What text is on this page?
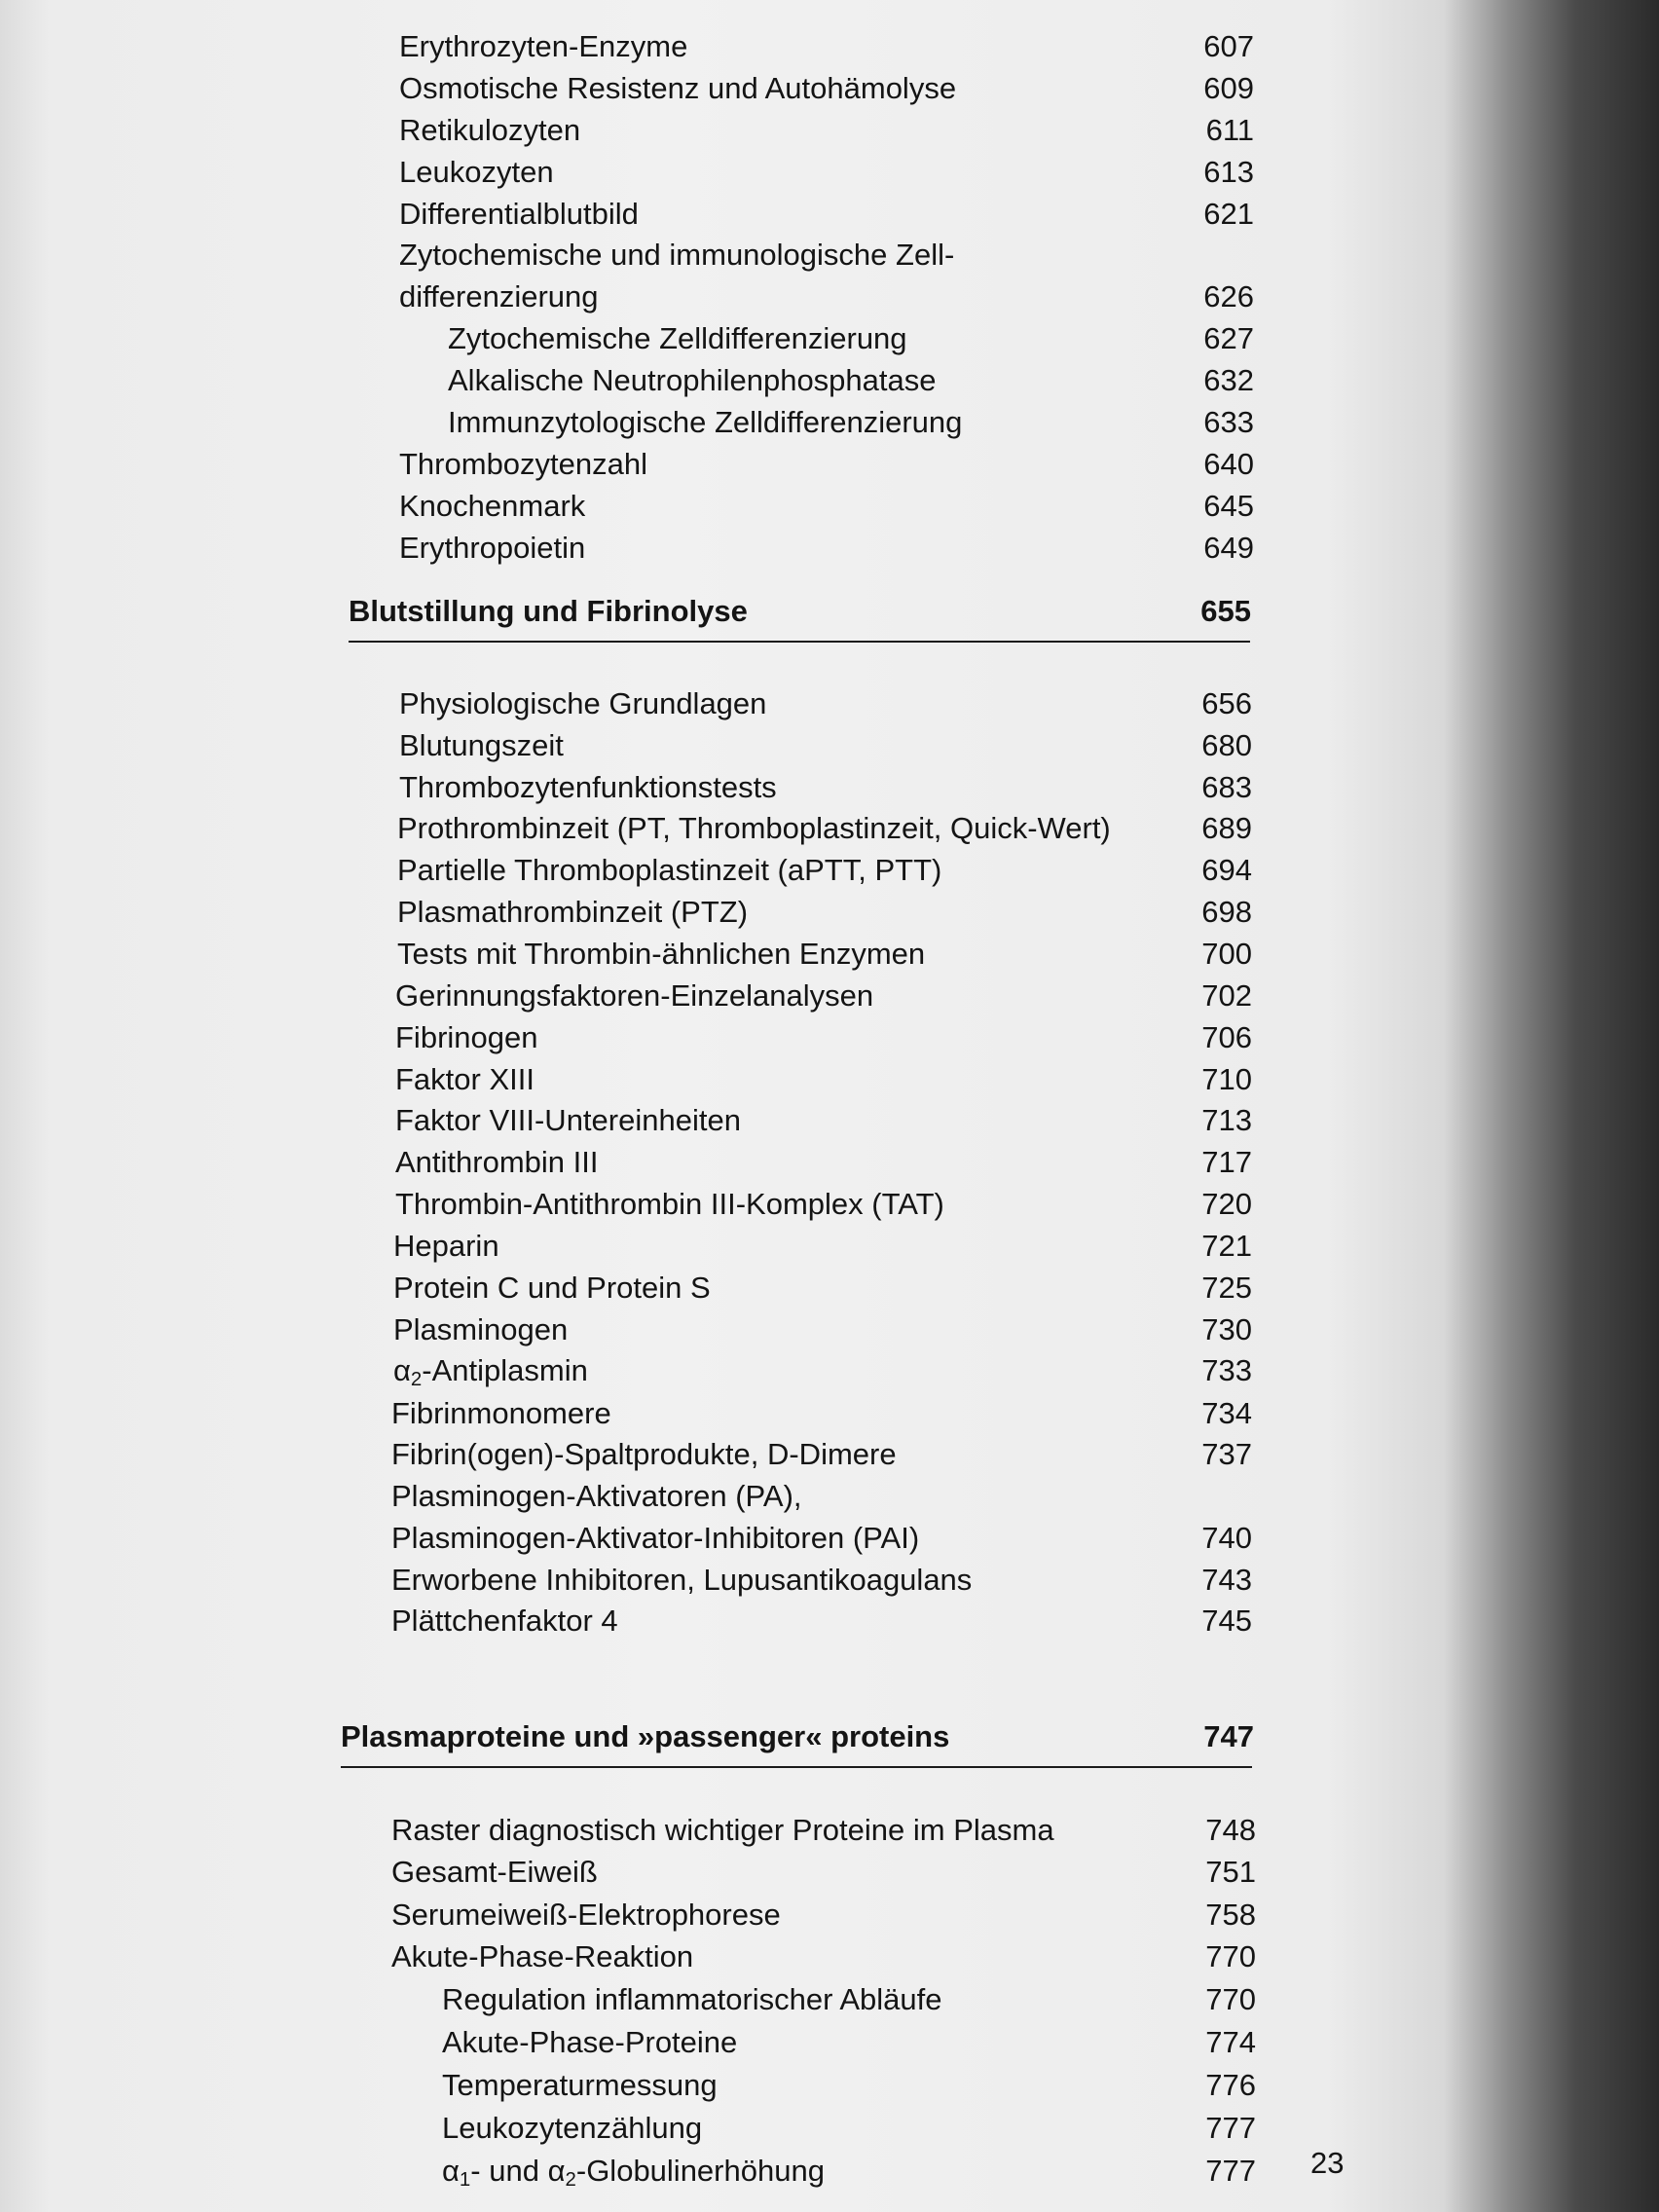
Erythrozyten-Enzyme	607
Osmotische Resistenz und Autohämolyse	609
Retikulozyten	611
Leukozyten	613
Differentialblutbild	621
Zytochemische und immunologische Zell-
differenzierung	626
Zytochemische Zelldifferenzierung	627
Alkalische Neutrophilenphosphatase	632
Immunzytologische Zelldifferenzierung	633
Thrombozytenzahl	640
Knochenmark	645
Erythropoietin	649
Blutstillung und Fibrinolyse	655
Physiologische Grundlagen	656
Blutungszeit	680
Thrombozytenfunktionstests	683
Prothrombinzeit (PT, Thromboplastinzeit, Quick-Wert)	689
Partielle Thromboplastinzeit (aPTT, PTT)	694
Plasmathrombinzeit (PTZ)	698
Tests mit Thrombin-ähnlichen Enzymen	700
Gerinnungsfaktoren-Einzelanalysen	702
Fibrinogen	706
Faktor XIII	710
Faktor VIII-Untereinheiten	713
Antithrombin III	717
Thrombin-Antithrombin III-Komplex (TAT)	720
Heparin	721
Protein C und Protein S	725
Plasminogen	730
$\alpha_2$-Antiplasmin	733
Fibrinmonomere	734
Fibrin(ogen)-Spaltprodukte, D-Dimere	737
Plasminogen-Aktivatoren (PA),
Plasminogen-Aktivator-Inhibitoren (PAI)	740
Erworbene Inhibitoren, Lupusantikoagulans	743
Plättchenfaktor 4	745
Plasmaproteine und »passenger« proteins	747
Raster diagnostisch wichtiger Proteine im Plasma	748
Gesamt-Eiweiß	751
Serumeiweiß-Elektrophorese	758
Akute-Phase-Reaktion	770
Regulation inflammatorischer Abläufe	770
Akute-Phase-Proteine	774
Temperaturmessung	776
Leukozytenzählung	777
$\alpha_1-$ und $\alpha_2$-Globulinerhöhung	777 23
